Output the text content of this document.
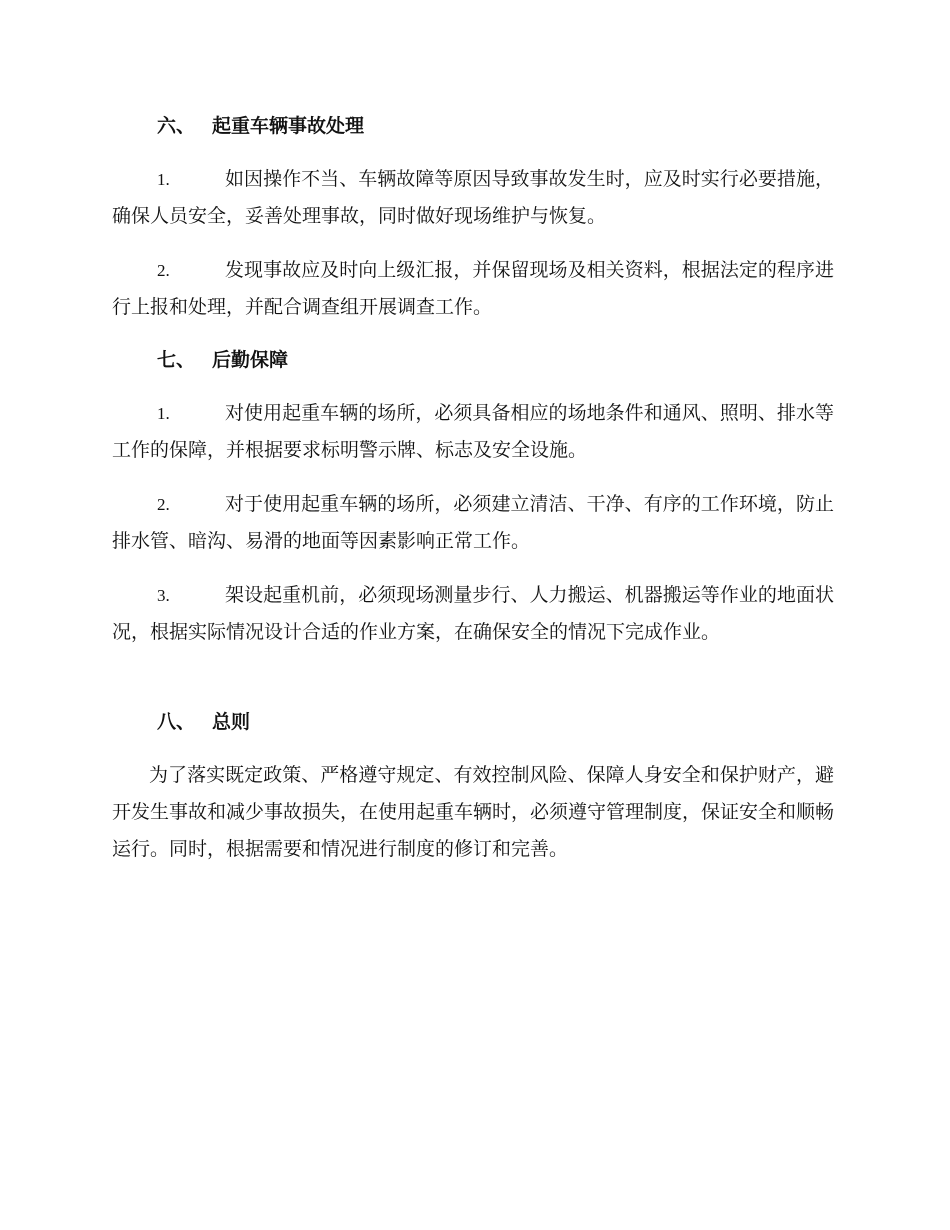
六、 起重车辆事故处理
1.	如因操作不当、车辆故障等原因导致事故发生时，应及时实行必要措施，确保人员安全，妥善处理事故，同时做好现场维护与恢复。
2.	发现事故应及时向上级汇报，并保留现场及相关资料，根据法定的程序进行上报和处理，并配合调查组开展调查工作。
七、 后勤保障
1.	对使用起重车辆的场所，必须具备相应的场地条件和通风、照明、排水等工作的保障，并根据要求标明警示牌、标志及安全设施。
2.	对于使用起重车辆的场所，必须建立清洁、干净、有序的工作环境，防止排水管、暗沟、易滑的地面等因素影响正常工作。
3.	架设起重机前，必须现场测量步行、人力搬运、机器搬运等作业的地面状况，根据实际情况设计合适的作业方案，在确保安全的情况下完成作业。
八、 总则
为了落实既定政策、严格遵守规定、有效控制风险、保障人身安全和保护财产，避开发生事故和减少事故损失，在使用起重车辆时，必须遵守管理制度，保证安全和顺畅运行。同时，根据需要和情况进行制度的修订和完善。
